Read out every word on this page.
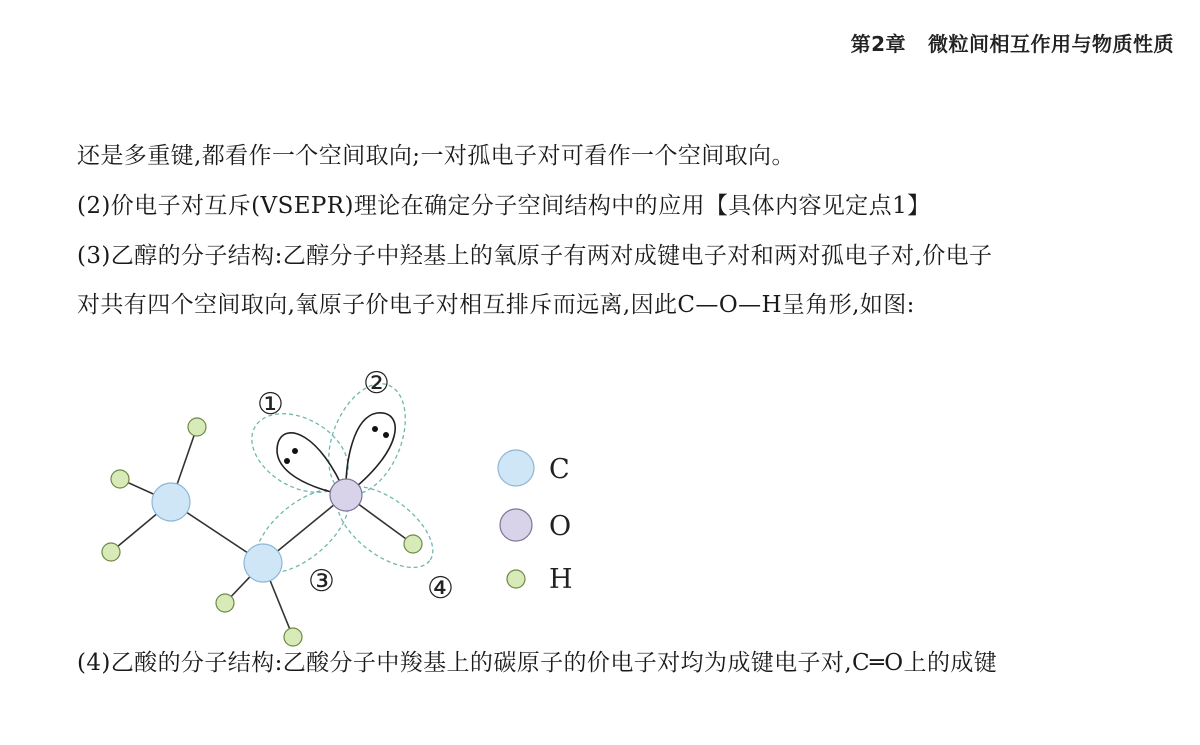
第2章 微粒间相互作用与物质性质
还是多重键,都看作一个空间取向;一对孤电子对可看作一个空间取向。
(2)价电子对互斥(VSEPR)理论在确定分子空间结构中的应用【具体内容见定点1】
(3)乙醇的分子结构:乙醇分子中羟基上的氧原子有两对成键电子对和两对孤电子对,价电子
对共有四个空间取向,氧原子价电子对相互排斥而远离,因此C—O—H呈角形,如图:
①
②
③	④
C
O
H
(4)乙酸的分子结构:乙酸分子中羧基上的碳原子的价电子对均为成键电子对,C═O上的成键
